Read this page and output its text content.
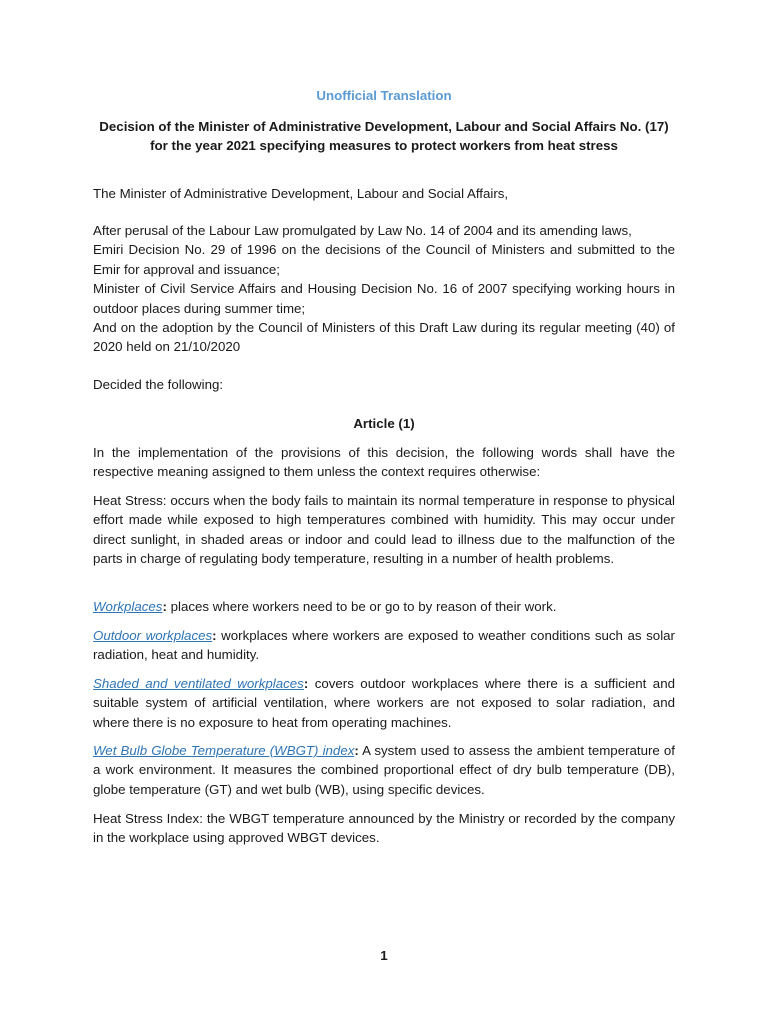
Unofficial Translation

Decision of the Minister of Administrative Development, Labour and Social Affairs No. (17)
for the year 2021 specifying measures to protect workers from heat stress

The Minister of Administrative Development, Labour and Social Affairs,

After perusal of the Labour Law promulgated by Law No. 14 of 2004 and its amending laws,

Emiri Decision No. 29 of 1996 on the decisions of the Council of Ministers and submitted to the Emir for approval and issuance;

Minister of Civil Service Affairs and Housing Decision No. 16 of 2007 specifying working hours in outdoor places during summer time;

And on the adoption by the Council of Ministers of this Draft Law during its regular meeting (40) of 2020 held on 21/10/2020

Decided the following:

Article (1)

In the implementation of the provisions of this decision, the following words shall have the respective meaning assigned to them unless the context requires otherwise:

Heat Stress: occurs when the body fails to maintain its normal temperature in response to physical effort made while exposed to high temperatures combined with humidity. This may occur under direct sunlight, in shaded areas or indoor and could lead to illness due to the malfunction of the parts in charge of regulating body temperature, resulting in a number of health problems.

Workplaces: places where workers need to be or go to by reason of their work.

Outdoor workplaces: workplaces where workers are exposed to weather conditions such as solar radiation, heat and humidity.

Shaded and ventilated workplaces: covers outdoor workplaces where there is a sufficient and suitable system of artificial ventilation, where workers are not exposed to solar radiation, and where there is no exposure to heat from operating machines.

Wet Bulb Globe Temperature (WBGT) index: A system used to assess the ambient temperature of a work environment. It measures the combined proportional effect of dry bulb temperature (DB), globe temperature (GT) and wet bulb (WB), using specific devices.

Heat Stress Index: the WBGT temperature announced by the Ministry or recorded by the company in the workplace using approved WBGT devices.

1
